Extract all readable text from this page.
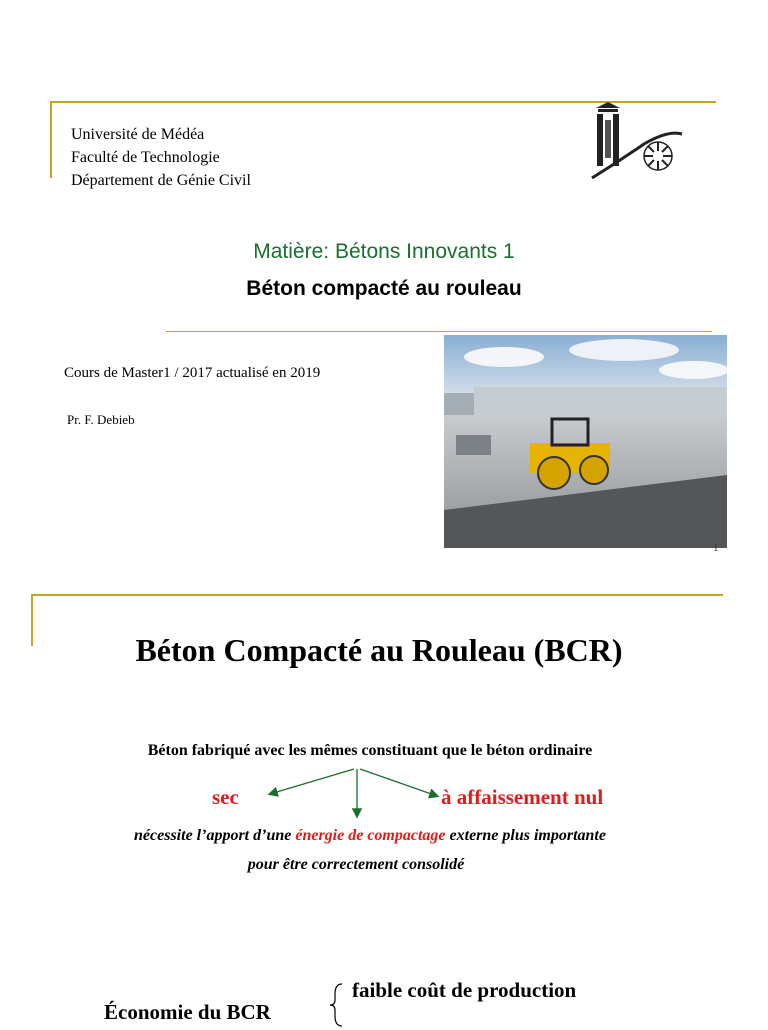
Université de Médéa
Faculté de Technologie
Département de Génie Civil
Matière: Bétons Innovants 1
Béton compacté au rouleau
Cours de Master1 / 2017 actualisé en 2019
Pr. F. Debieb
1
Béton Compacté au Rouleau (BCR)
Béton fabriqué avec les mêmes constituant que le béton ordinaire
sec	à affaissement nul
nécessite l’apport d’une énergie de compactage externe plus importante
pour être correctement consolidé
Économie du BCR
faible coût de production
